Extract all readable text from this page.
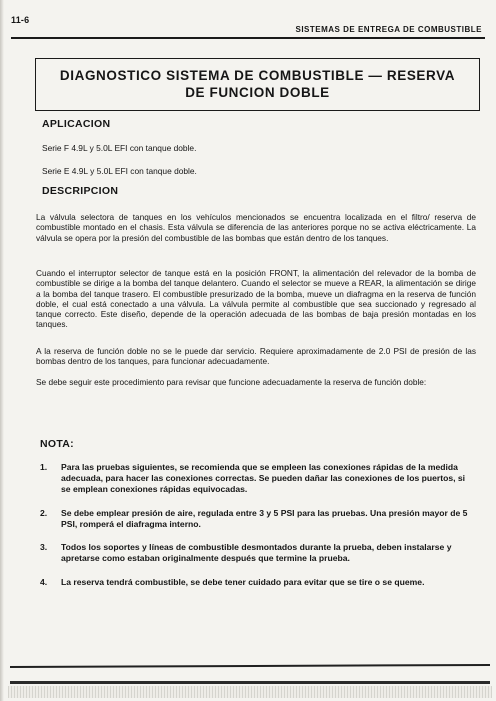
11-6
SISTEMAS DE ENTREGA DE COMBUSTIBLE
DIAGNOSTICO SISTEMA DE COMBUSTIBLE — RESERVA
DE FUNCION DOBLE
APLICACION
Serie F 4.9L y 5.0L EFI con tanque doble.
Serie E 4.9L y 5.0L EFI con tanque doble.
DESCRIPCION
La válvula selectora de tanques en los vehículos mencionados se encuentra localizada en el filtro/ reserva de combustible montado en el chasis. Esta válvula se diferencia de las anteriores porque no se activa eléctricamente. La válvula se opera por la presión del combustible de las bombas que están dentro de los tanques.
Cuando el interruptor selector de tanque está en la posición FRONT, la alimentación del relevador de la bomba de combustible se dirige a la bomba del tanque delantero. Cuando el selector se mueve a REAR, la alimentación se dirige a la bomba del tanque trasero. El combustible presurizado de la bomba, mueve un diafragma en la reserva de función doble, el cual está conectado a una válvula. La válvula permite al combustible que sea succionado y regresado al tanque correcto. Este diseño, depende de la operación adecuada de las bombas de baja presión montadas en los tanques.
A la reserva de función doble no se le puede dar servicio. Requiere aproximadamente de 2.0 PSI de presión de las bombas dentro de los tanques, para funcionar adecuadamente.
Se debe seguir este procedimiento para revisar que funcione adecuadamente la reserva de función doble:
NOTA:
1.	Para las pruebas siguientes, se recomienda que se empleen las conexiones rápidas de la medida adecuada, para hacer las conexiones correctas. Se pueden dañar las conexiones de los puertos, si se emplean conexiones rápidas equivocadas.
2.	Se debe emplear presión de aire, regulada entre 3 y 5 PSI para las pruebas. Una presión mayor de 5 PSI, romperá el diafragma interno.
3.	Todos los soportes y líneas de combustible desmontados durante la prueba, deben instalarse y apretarse como estaban originalmente después que termine la prueba.
4.	La reserva tendrá combustible, se debe tener cuidado para evitar que se tire o se queme.
